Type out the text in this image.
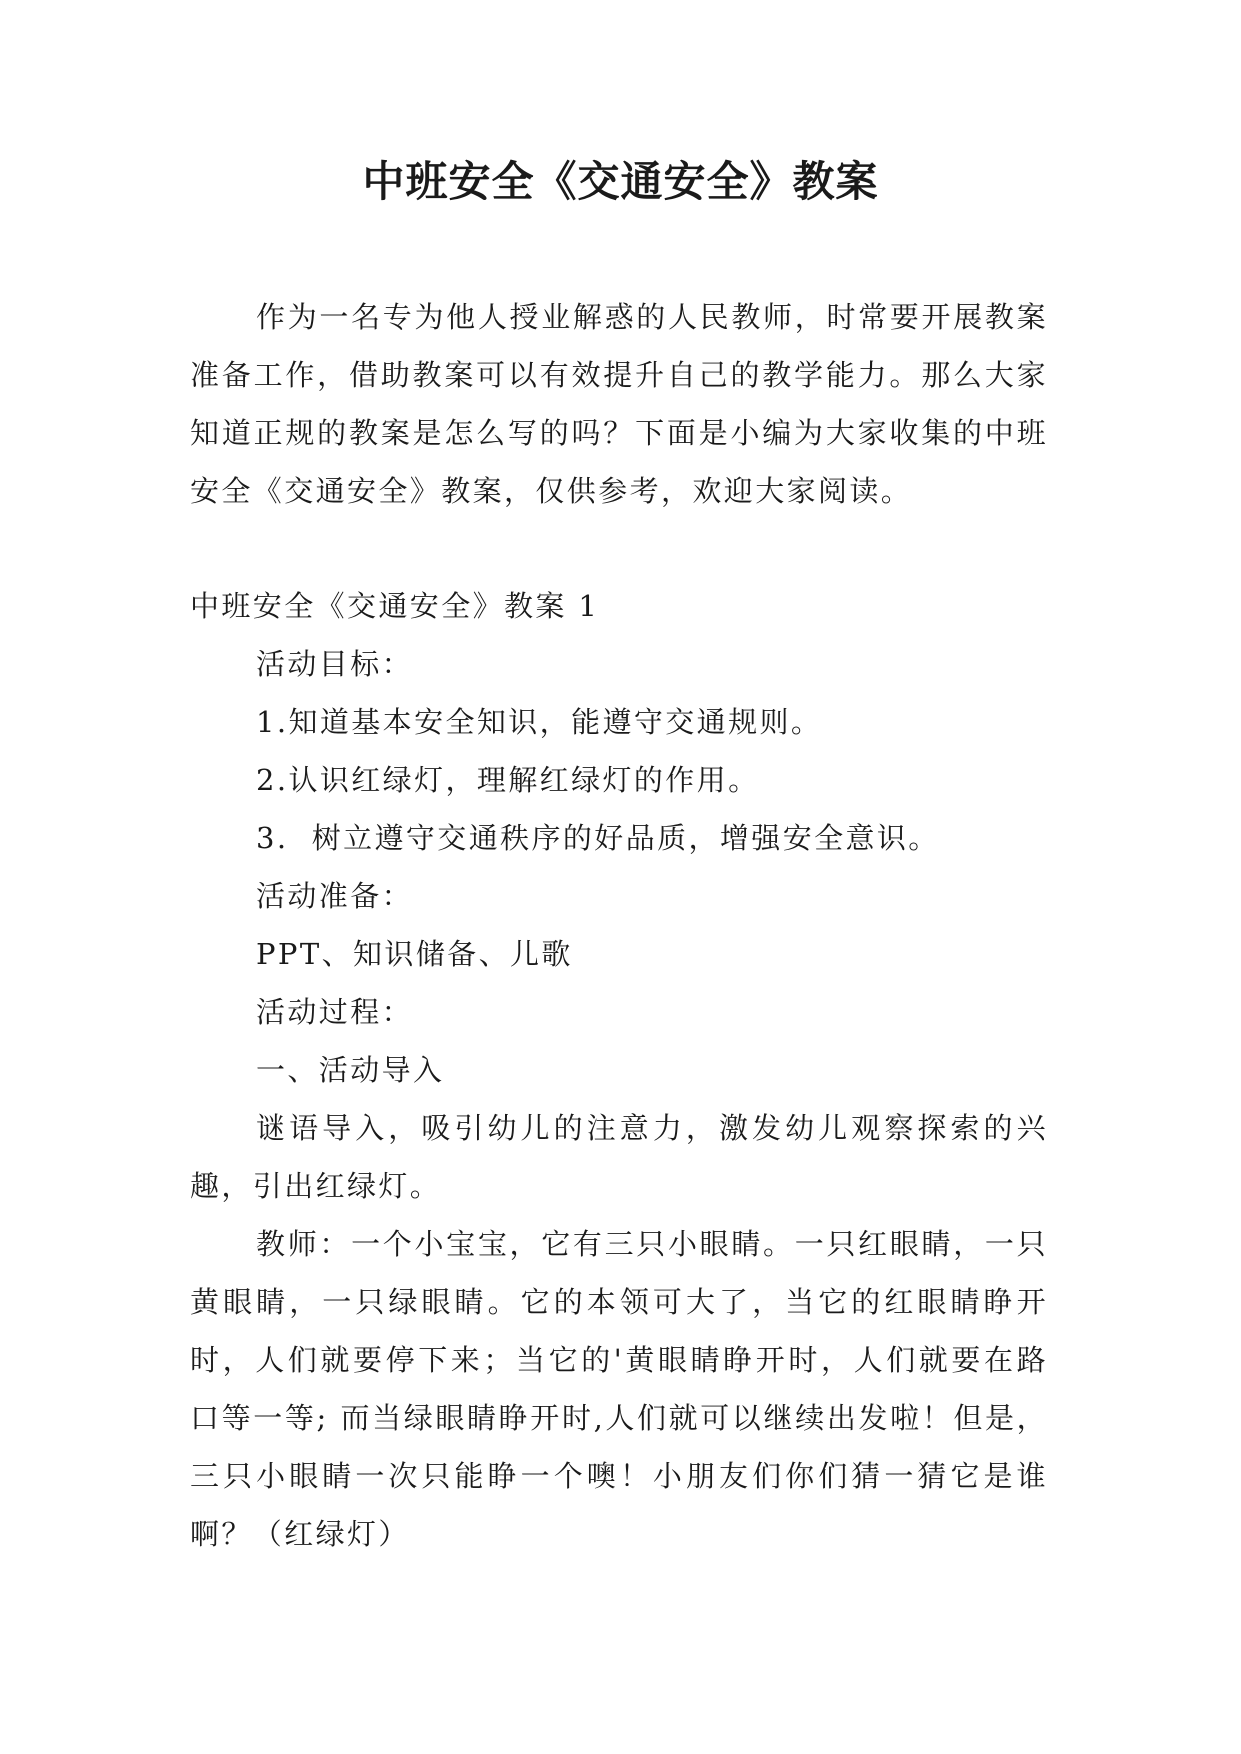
中班安全《交通安全》教案

作为一名专为他人授业解惑的人民教师，时常要开展教案准备工作，借助教案可以有效提升自己的教学能力。那么大家知道正规的教案是怎么写的吗？下面是小编为大家收集的中班安全《交通安全》教案，仅供参考，欢迎大家阅读。

中班安全《交通安全》教案 1

活动目标：

1.知道基本安全知识，能遵守交通规则。

2.认识红绿灯，理解红绿灯的作用。

3.  树立遵守交通秩序的好品质，增强安全意识。

活动准备：

PPT、知识储备、儿歌

活动过程：

一、活动导入

谜语导入，吸引幼儿的注意力，激发幼儿观察探索的兴趣，引出红绿灯。

教师：一个小宝宝，它有三只小眼睛。一只红眼睛，一只黄眼睛，一只绿眼睛。它的本领可大了，当它的红眼睛睁开时，人们就要停下来；当它的'黄眼睛睁开时，人们就要在路口等一等; 而当绿眼睛睁开时,人们就可以继续出发啦！但是，三只小眼睛一次只能睁一个噢！小朋友们你们猜一猜它是谁啊？（红绿灯）
